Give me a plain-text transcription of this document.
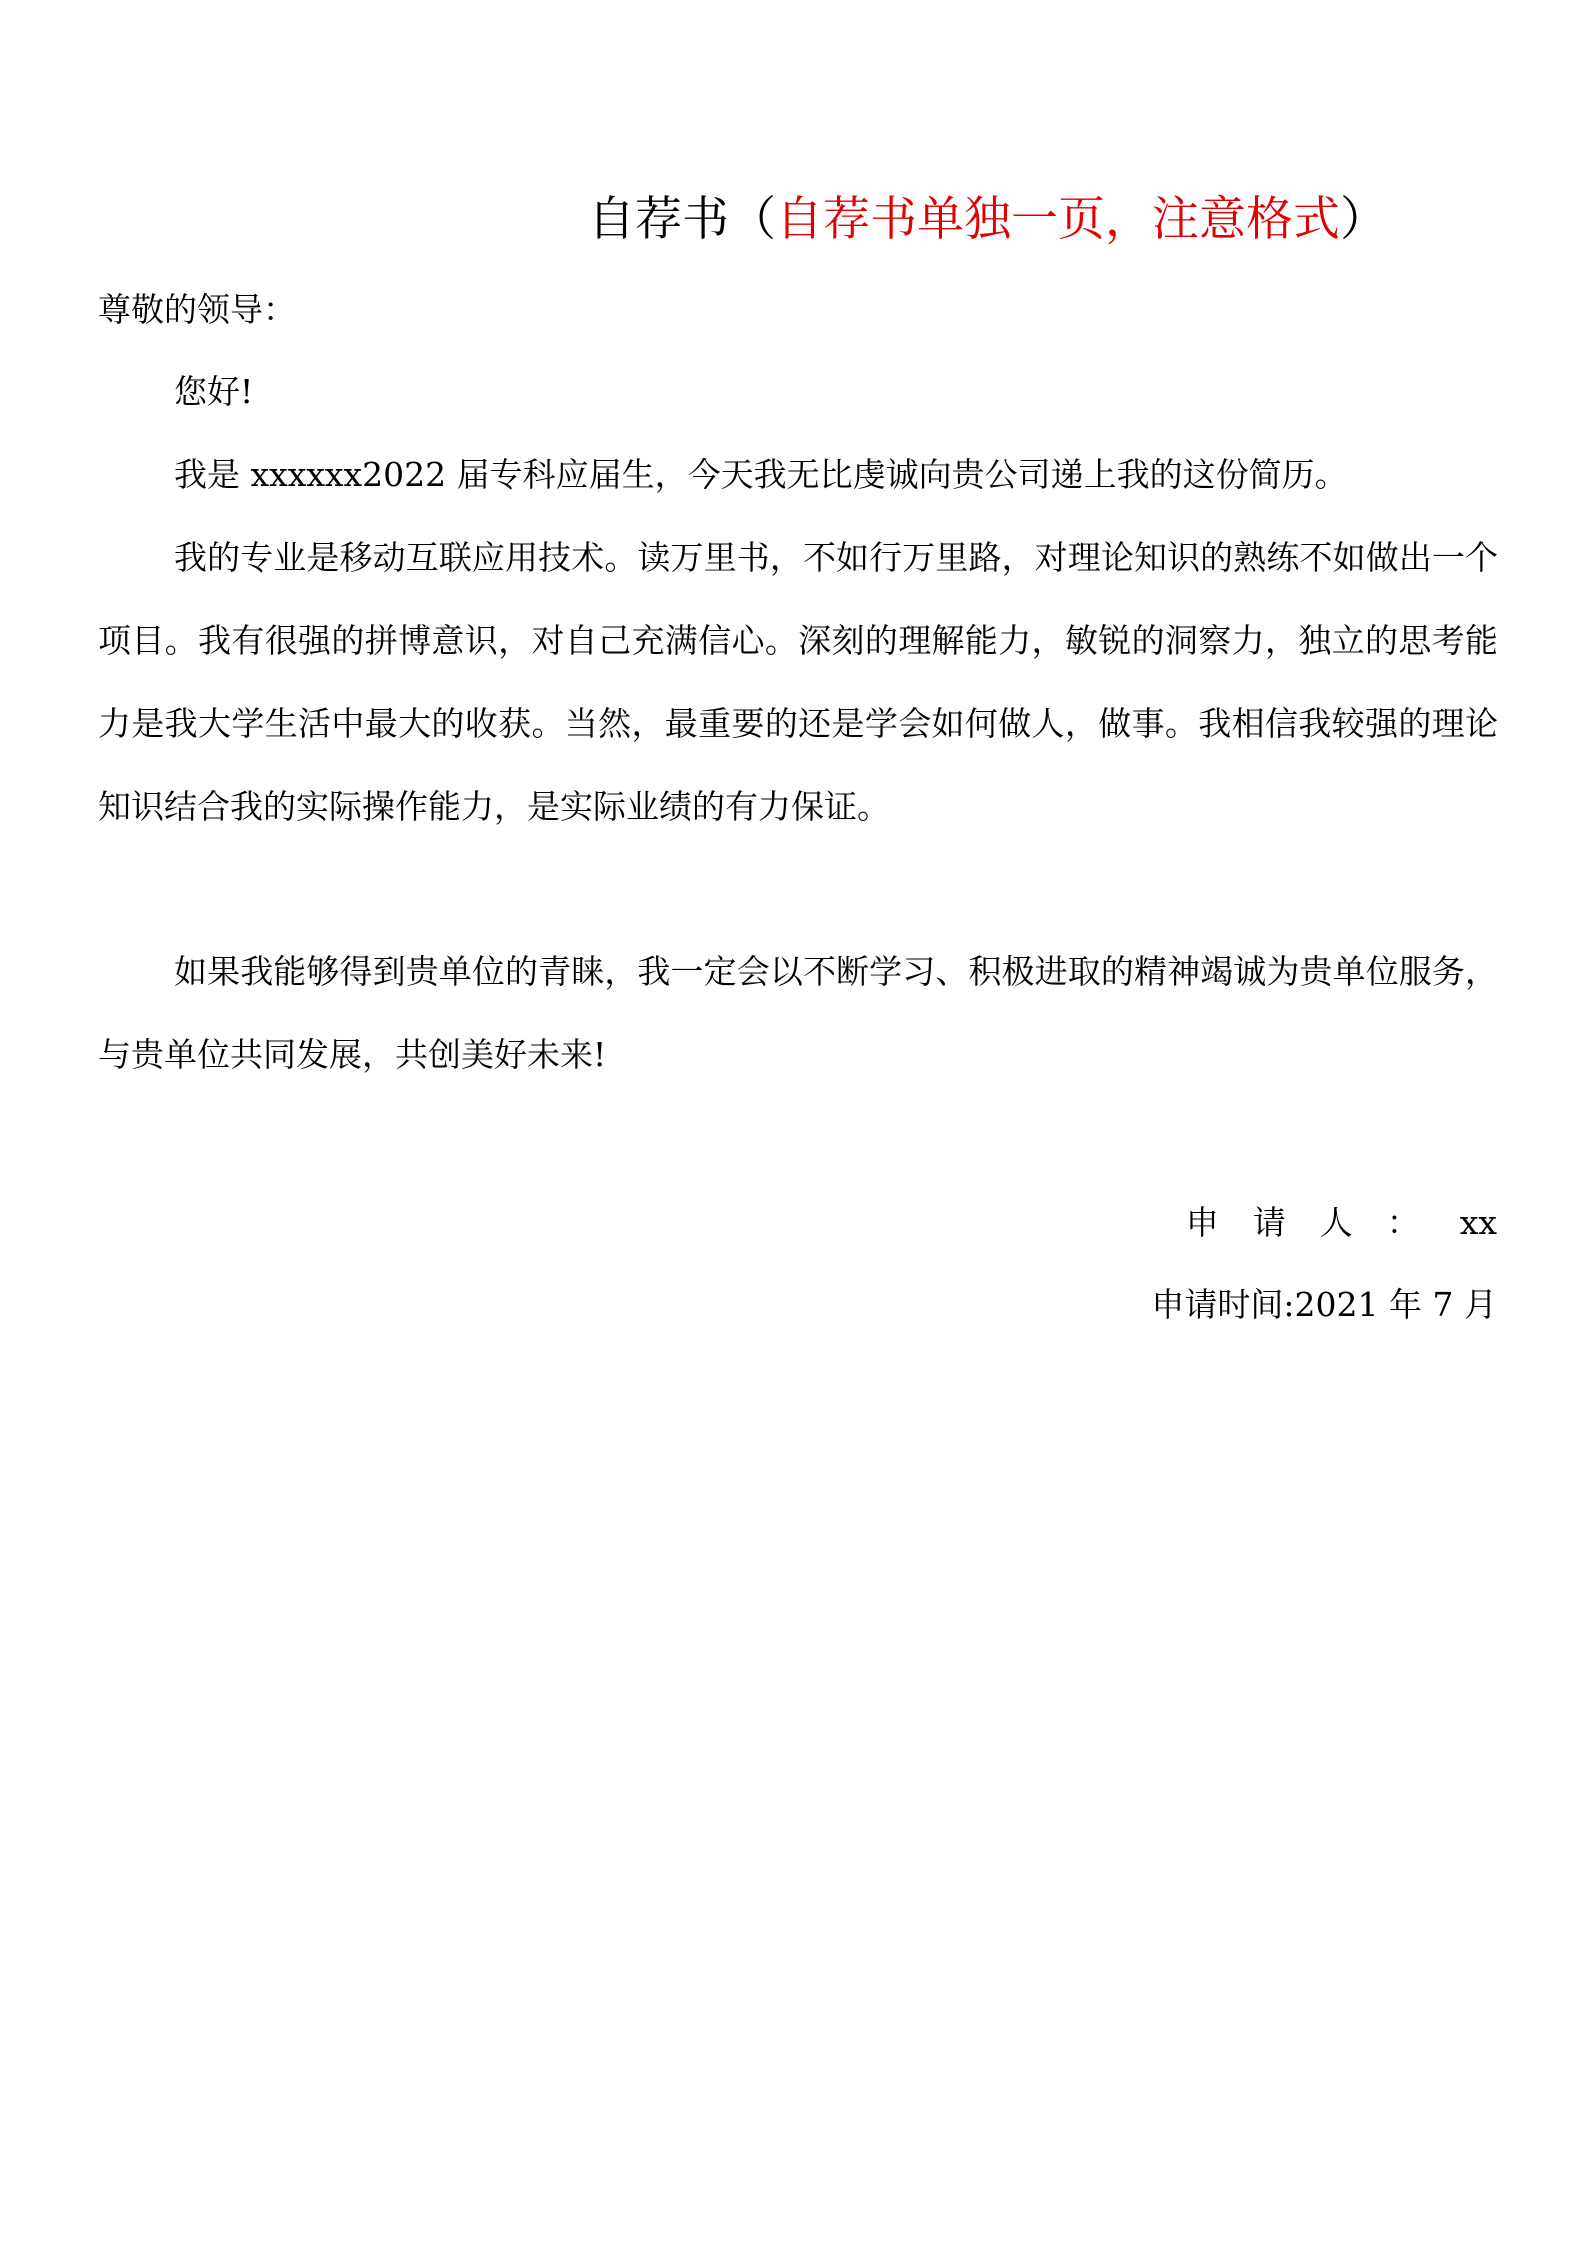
自荐书（自荐书单独一页，注意格式）
尊敬的领导：

您好!

我是 xxxxxx2022 届专科应届生，今天我无比虔诚向贵公司递上我的这份简历。

我的专业是移动互联应用技术。读万里书，不如行万里路，对理论知识的熟练不如做出一个项目。我有很强的拼博意识，对自己充满信心。深刻的理解能力，敏锐的洞察力，独立的思考能力是我大学生活中最大的收获。当然，最重要的还是学会如何做人，做事。我相信我较强的理论知识结合我的实际操作能力，是实际业绩的有力保证。

如果我能够得到贵单位的青睐，我一定会以不断学习、积极进取的精神竭诚为贵单位服务，与贵单位共同发展，共创美好未来!

申请人： xx
申请时间:2021 年 7 月
